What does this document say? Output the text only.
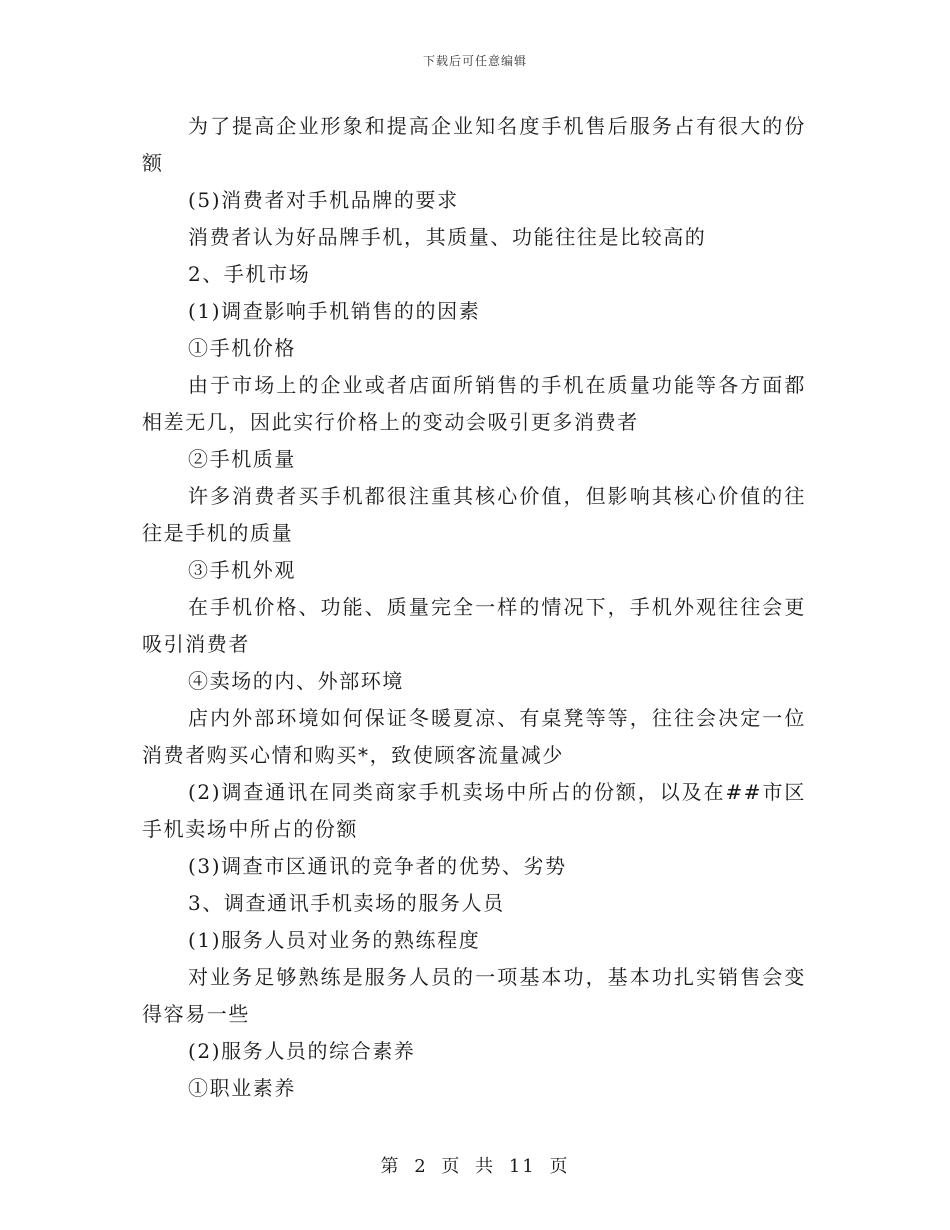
下载后可任意编辑

为了提高企业形象和提高企业知名度手机售后服务占有很大的份额

(5)消费者对手机品牌的要求

消费者认为好品牌手机，其质量、功能往往是比较高的

2、手机市场

(1)调查影响手机销售的的因素

①手机价格

由于市场上的企业或者店面所销售的手机在质量功能等各方面都相差无几，因此实行价格上的变动会吸引更多消费者

②手机质量

许多消费者买手机都很注重其核心价值，但影响其核心价值的往往是手机的质量

③手机外观

在手机价格、功能、质量完全一样的情况下，手机外观往往会更吸引消费者

④卖场的内、外部环境

店内外部环境如何保证冬暖夏凉、有桌凳等等，往往会决定一位消费者购买心情和购买*，致使顾客流量减少

(2)调查通讯在同类商家手机卖场中所占的份额，以及在##市区手机卖场中所占的份额

(3)调查市区通讯的竞争者的优势、劣势

3、调查通讯手机卖场的服务人员

(1)服务人员对业务的熟练程度

对业务足够熟练是服务人员的一项基本功，基本功扎实销售会变得容易一些

(2)服务人员的综合素养

①职业素养

第 2 页 共 11 页
